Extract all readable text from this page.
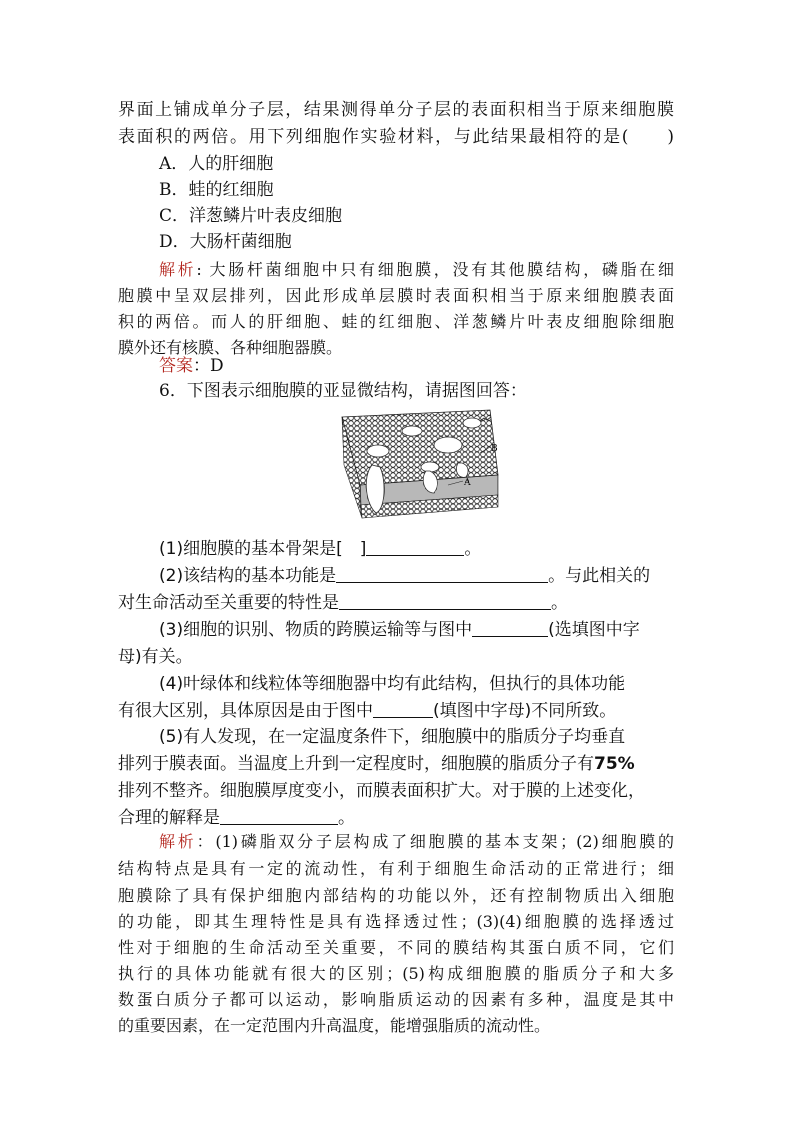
界面上铺成单分子层，结果测得单分子层的表面积相当于原来细胞膜
表面积的两倍。用下列细胞作实验材料，与此结果最相符的是(　　)
A．人的肝细胞
B．蛙的红细胞
C．洋葱鳞片叶表皮细胞
D．大肠杆菌细胞
解析: 大肠杆菌细胞中只有细胞膜，没有其他膜结构，磷脂在细
胞膜中呈双层排列，因此形成单层膜时表面积相当于原来细胞膜表面
积的两倍。而人的肝细胞、蛙的红细胞、洋葱鳞片叶表皮细胞除细胞
膜外还有核膜、各种细胞器膜。
答案：D
6．下图表示细胞膜的亚显微结构，请据图回答：
B
A
(1)细胞膜的基本骨架是[　]	。
(2)该结构的基本功能是	。与此相关的
对生命活动至关重要的特性是	。
(3)细胞的识别、物质的跨膜运输等与图中	(选填图中字
母)有关。
(4)叶绿体和线粒体等细胞器中均有此结构，但执行的具体功能
有很大区别，具体原因是由于图中	(填图中字母)不同所致。
(5)有人发现，在一定温度条件下，细胞膜中的脂质分子均垂直
排列于膜表面。当温度上升到一定程度时，细胞膜的脂质分子有75%
排列不整齐。细胞膜厚度变小，而膜表面积扩大。对于膜的上述变化，
合理的解释是	。
解析：(1)磷脂双分子层构成了细胞膜的基本支架；(2)细胞膜的
结构特点是具有一定的流动性，有利于细胞生命活动的正常进行；细
胞膜除了具有保护细胞内部结构的功能以外，还有控制物质出入细胞
的功能，即其生理特性是具有选择透过性；(3)(4)细胞膜的选择透过
性对于细胞的生命活动至关重要，不同的膜结构其蛋白质不同，它们
执行的具体功能就有很大的区别；(5)构成细胞膜的脂质分子和大多
数蛋白质分子都可以运动，影响脂质运动的因素有多种，温度是其中
的重要因素，在一定范围内升高温度，能增强脂质的流动性。
